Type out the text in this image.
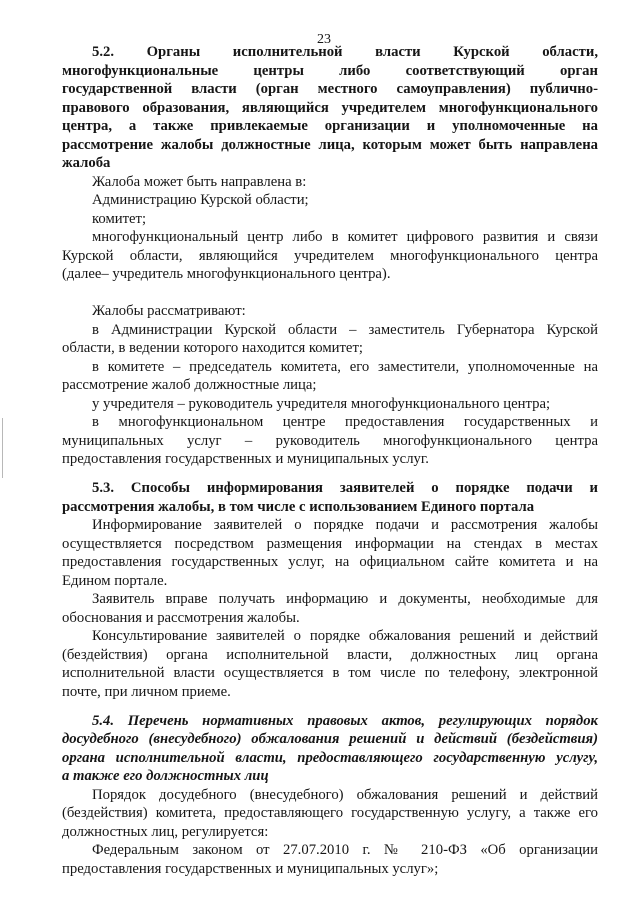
23
5.2. Органы исполнительной власти Курской области,
многофункциональные центры либо соответствующий орган
государственной власти (орган местного самоуправления) публично-
правового образования, являющийся учредителем многофункционального
центра, а также привлекаемые организации и уполномоченные на
рассмотрение жалобы должностные лица, которым может быть направлена
жалоба
Жалоба может быть направлена в:
Администрацию Курской области;
комитет;
многофункциональный центр либо в комитет цифрового развития и связи
Курской области, являющийся учредителем многофункционального центра
(далее– учредитель многофункционального центра).
Жалобы рассматривают:
в Администрации Курской области – заместитель Губернатора Курской
области, в ведении которого находится комитет;
в комитете – председатель комитета, его заместители, уполномоченные на
рассмотрение жалоб должностные лица;
у учредителя – руководитель учредителя многофункционального центра;
в многофункциональном центре предоставления государственных и
муниципальных услуг – руководитель многофункционального центра
предоставления государственных и муниципальных услуг.
5.3. Способы информирования заявителей о порядке подачи и
рассмотрения жалобы, в том числе с использованием Единого портала
Информирование заявителей о порядке подачи и рассмотрения жалобы
осуществляется посредством размещения информации на стендах в местах
предоставления государственных услуг, на официальном сайте комитета и на
Едином портале.
Заявитель вправе получать информацию и документы, необходимые для
обоснования и рассмотрения жалобы.
Консультирование заявителей о порядке обжалования решений и действий
(бездействия) органа исполнительной власти, должностных лиц органа
исполнительной власти осуществляется в том числе по телефону, электронной
почте, при личном приеме.
5.4. Перечень нормативных правовых актов, регулирующих порядок
досудебного (внесудебного) обжалования решений и действий (бездействия)
органа исполнительной власти, предоставляющего государственную услугу,
а также его должностных лиц
Порядок досудебного (внесудебного) обжалования решений и действий
(бездействия) комитета, предоставляющего государственную услугу, а также его
должностных лиц, регулируется:
Федеральным законом от 27.07.2010 г. № 210-ФЗ «Об организации
предоставления государственных и муниципальных услуг»;
